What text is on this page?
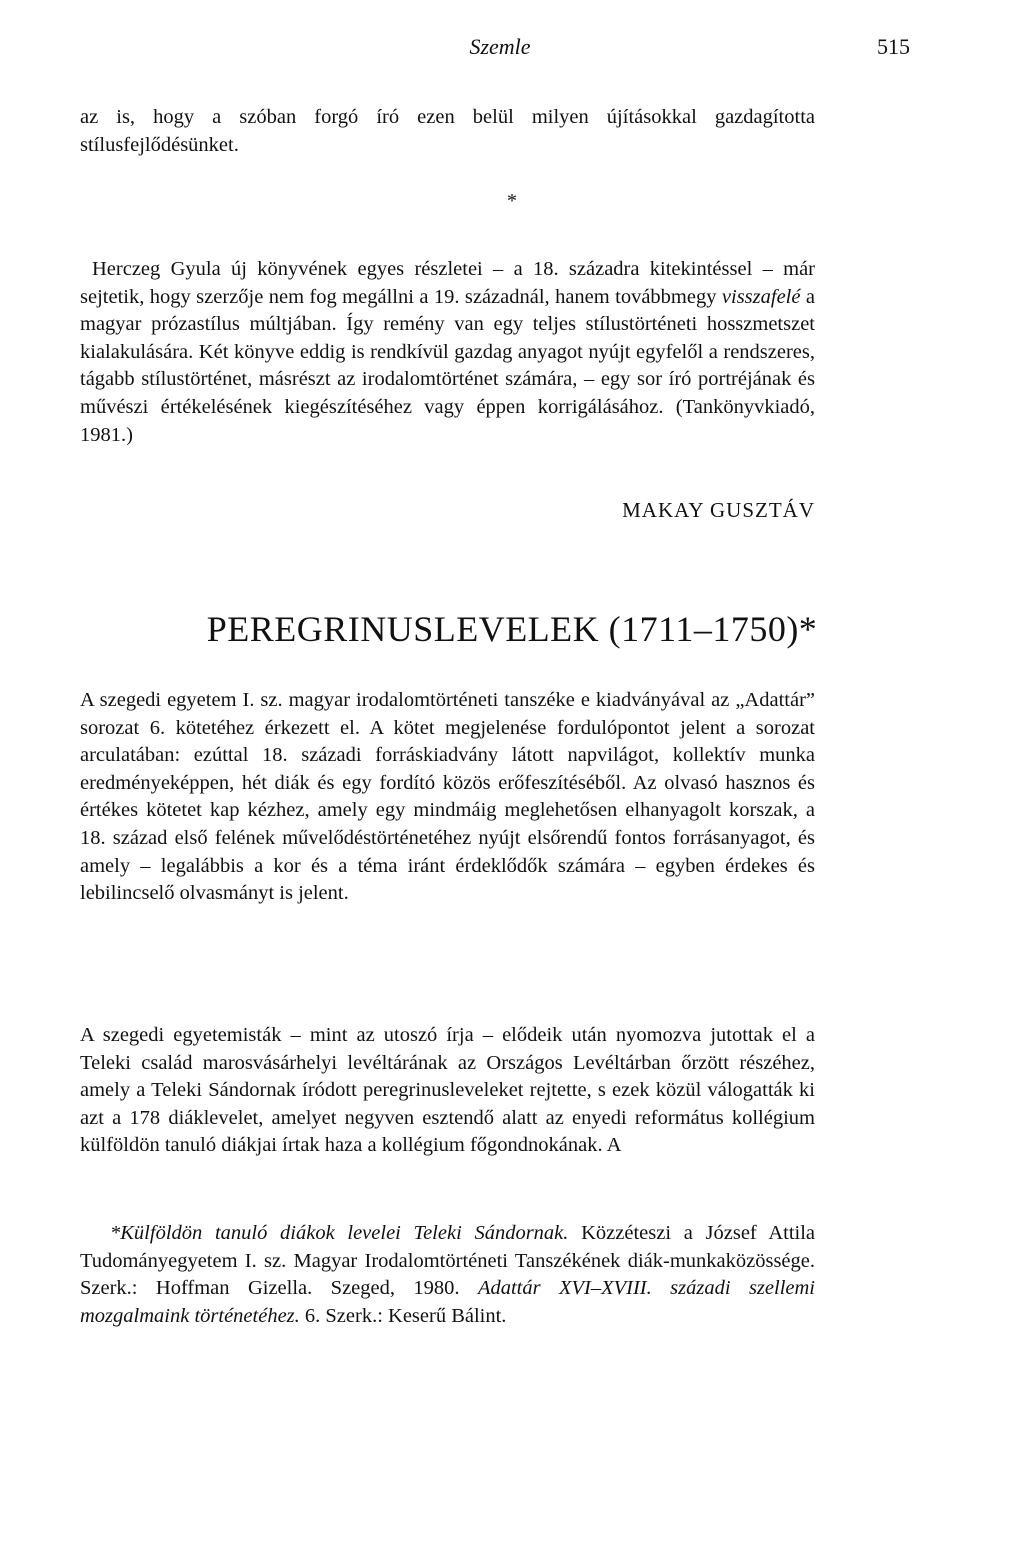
Szemle	515

az is, hogy a szóban forgó író ezen belül milyen újításokkal gazdagította stílusfejlődésünket.

*

Herczeg Gyula új könyvének egyes részletei – a 18. századra kitekintéssel – már sejtetik, hogy szerzője nem fog megállni a 19. századnál, hanem továbbmegy visszafelé a magyar prózastílus múltjában. Így remény van egy teljes stílustörténeti hosszmetszet kialakulására. Két könyve eddig is rendkívül gazdag anyagot nyújt egyfelől a rendszeres, tágabb stílustörténet, másrészt az irodalomtörténet számára, – egy sor író portréjának és művészi értékelésének kiegészítéséhez vagy éppen korrigálásához. (Tankönyvkiadó, 1981.)

MAKAY GUSZTÁV

PEREGRINUSLEVELEK (1711–1750)*

A szegedi egyetem I. sz. magyar irodalomtörténeti tanszéke e kiadványával az „Adattár” sorozat 6. kötetéhez érkezett el. A kötet megjelenése fordulópontot jelent a sorozat arculatában: ezúttal 18. századi forráskiadvány látott napvilágot, kollektív munka eredményeképpen, hét diák és egy fordító közös erőfeszítéséből. Az olvasó hasznos és értékes kötetet kap kézhez, amely egy mindmáig meglehetősen elhanyagolt korszak, a 18. század első felének művelődéstörténetéhez nyújt elsőrendű fontos forrásanyagot, és amely – legalábbis a kor és a téma iránt érdeklődők számára – egyben érdekes és lebilincselő olvasmányt is jelent.

A szegedi egyetemisták – mint az utoszó írja – elődeik után nyomozva jutottak el a Teleki család marosvásárhelyi levéltárának az Országos Levéltárban őrzött részéhez, amely a Teleki Sándornak íródott peregrinusleveleket rejtette, s ezek közül válogatták ki azt a 178 diáklevelet, amelyet negyven esztendő alatt az enyedi református kollégium külföldön tanuló diákjai írtak haza a kollégium főgondnokának. A

*Külföldön tanuló diákok levelei Teleki Sándornak. Közzéteszi a József Attila Tudományegyetem I. sz. Magyar Irodalomtörténeti Tanszékének diák-munkaközössége. Szerk.: Hoffman Gizella. Szeged, 1980. Adattár XVI–XVIII. századi szellemi mozgalmaink történetéhez. 6. Szerk.: Keserű Bálint.
